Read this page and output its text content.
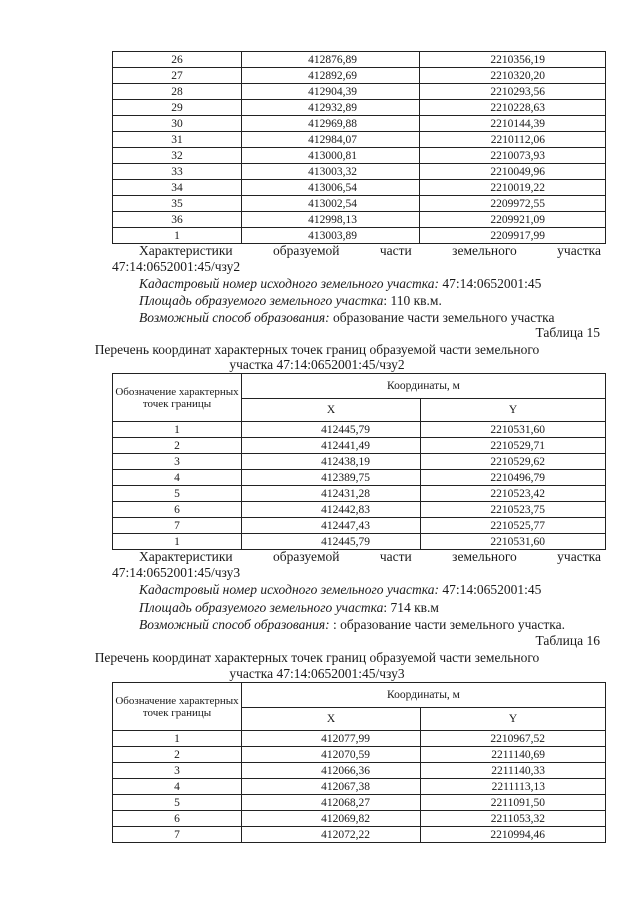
26	412876,89	2210356,19
27	412892,69	2210320,20
28	412904,39	2210293,56
29	412932,89	2210228,63
30	412969,88	2210144,39
31	412984,07	2210112,06
32	413000,81	2210073,93
33	413003,32	2210049,96
34	413006,54	2210019,22
35	413002,54	2209972,55
36	412998,13	2209921,09
1	413003,89	2209917,99
Характеристики	образуемой	части	земельного	участка
47:14:0652001:45/чзу2
Кадастровый номер исходного земельного участка: 47:14:0652001:45
Площадь образуемого земельного участка: 110 кв.м.
Возможный способ образования: образование части земельного участка
Таблица 15
Перечень координат характерных точек границ образуемой части земельного
участка 47:14:0652001:45/чзу2
Обозначение характерных точек границы	Координаты, м	
	X	Y
1	412445,79	2210531,60
2	412441,49	2210529,71
3	412438,19	2210529,62
4	412389,75	2210496,79
5	412431,28	2210523,42
6	412442,83	2210523,75
7	412447,43	2210525,77
1	412445,79	2210531,60
Характеристики	образуемой	части	земельного	участка
47:14:0652001:45/чзу3
Кадастровый номер исходного земельного участка: 47:14:0652001:45
Площадь образуемого земельного участка: 714 кв.м
Возможный способ образования: : образование части земельного участка.
Таблица 16
Перечень координат характерных точек границ образуемой части земельного
участка 47:14:0652001:45/чзу3
Обозначение характерных точек границы	Координаты, м	
	X	Y
1	412077,99	2210967,52
2	412070,59	2211140,69
3	412066,36	2211140,33
4	412067,38	2211113,13
5	412068,27	2211091,50
6	412069,82	2211053,32
7	412072,22	2210994,46
